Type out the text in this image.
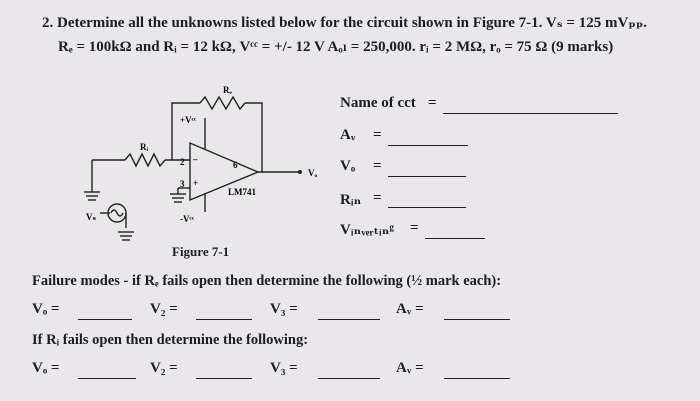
2. Determine all the unknowns listed below for the circuit shown in Figure 7-1. Vₛ = 125 mVₚₚ.
Rₑ = 100kΩ and Rᵢ = 12 kΩ, Vᶜᶜ = +/- 12 V Aₒₗ = 250,000. rᵢ = 2 MΩ, rₒ = 75 Ω (9 marks)
Rₑ
Rᵢ
+Vᶜᶜ
-Vᶜᶜ
2
3
6
–
+
LM741
Vₛ
Vₒ
Name of cct =
Aᵥ =
Vₒ =
Rᵢₙ =
Vᵢₙᵥₑᵣₜᵢₙᵍ =
Figure 7-1
Failure modes - if Rₑ fails open then determine the following (½ mark each):
Vₒ =	V₂ =	V₃ =	Aᵥ =
If Rᵢ fails open then determine the following:
Vₒ =	V₂ =	V₃ =	Aᵥ =
